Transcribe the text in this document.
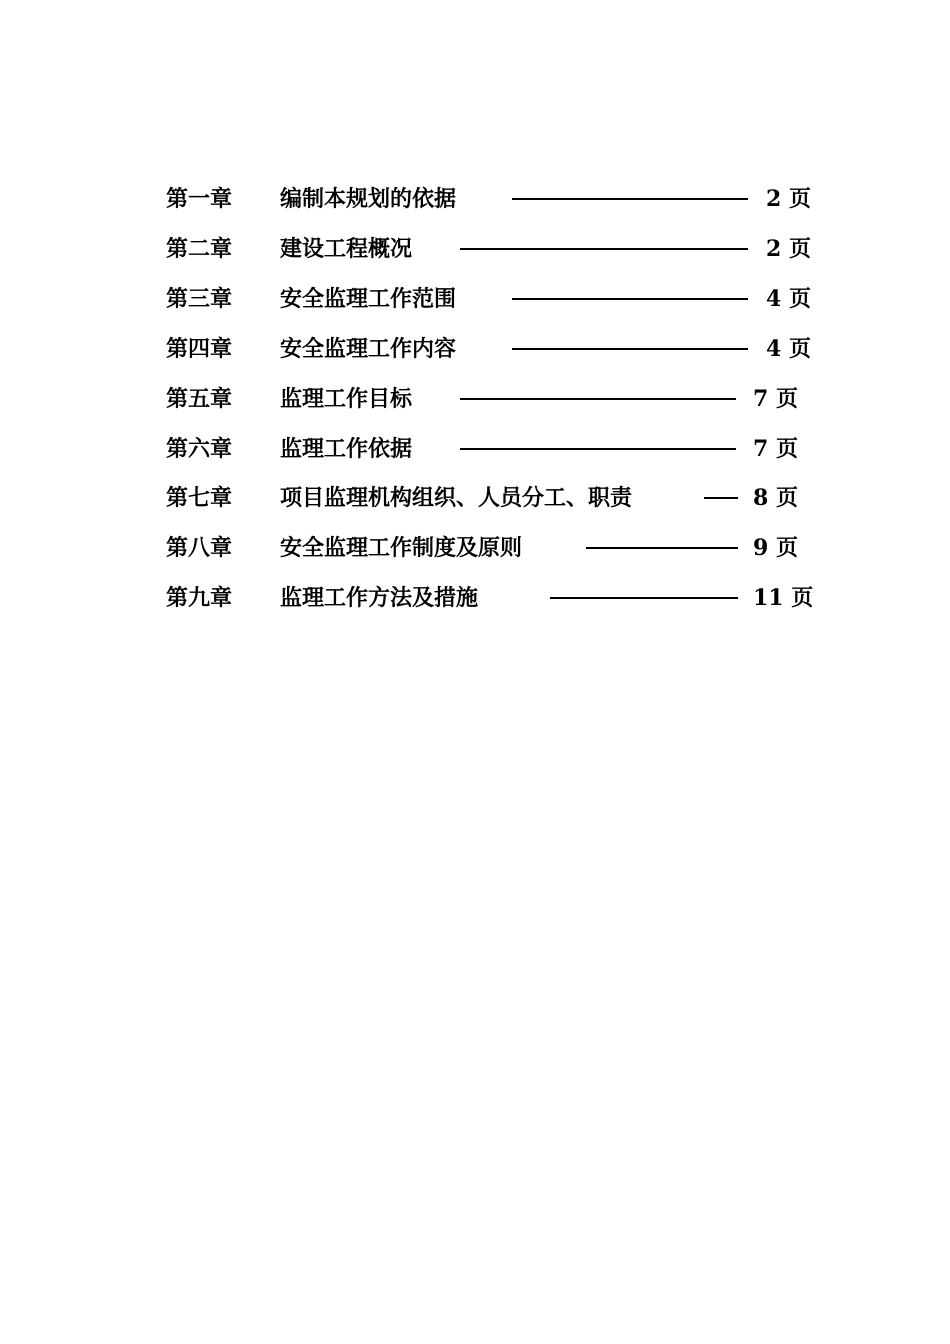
第一章 编制本规划的依据	2 页
第二章 建设工程概况	2 页
第三章 安全监理工作范围	4 页
第四章 安全监理工作内容	4 页
第五章 监理工作目标	7 页
第六章 监理工作依据	7 页
第七章 项目监理机构组织、人员分工、职责	8 页
第八章 安全监理工作制度及原则	9 页
第九章 监理工作方法及措施	11 页
